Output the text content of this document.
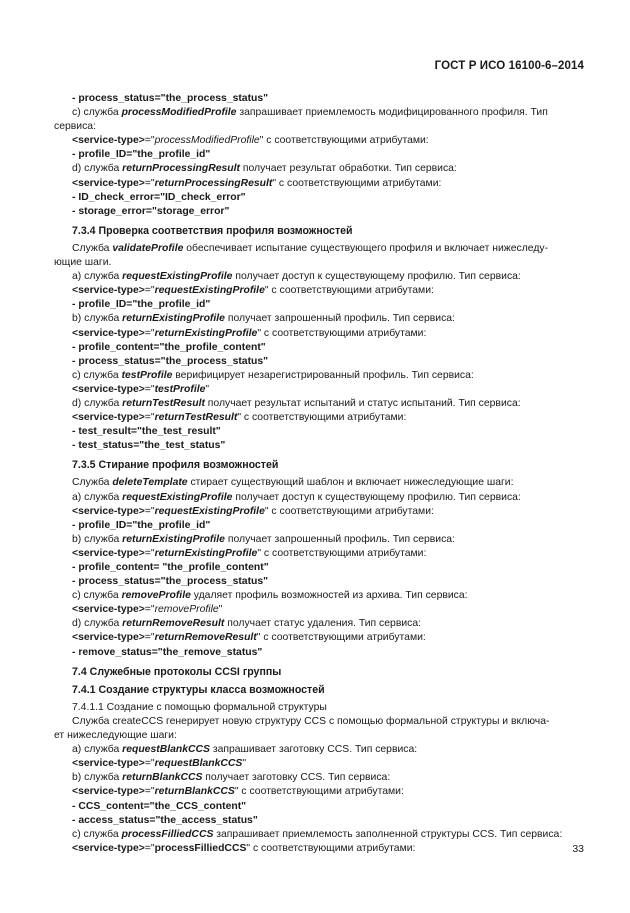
ГОСТ Р ИСО 16100-6–2014
- process_status="the_process_status"
c) служба processModifiedProfile запрашивает приемлемость модифицированного профиля. Тип
сервиса:
<service-type>="processModifiedProfile" с соответствующими атрибутами:
- profile_ID="the_profile_id"
d) служба returnProcessingResult получает результат обработки. Тип сервиса:
<service-type>="returnProcessingResult" с соответствующими атрибутами:
- ID_check_error="ID_check_error"
- storage_error="storage_error"
7.3.4 Проверка соответствия профиля возможностей
Служба validateProfile обеспечивает испытание существующего профиля и включает нижеследу-
ющие шаги.
а) служба requestExistingProfile получает доступ к существующему профилю. Тип сервиса:
<service-type>="requestExistingProfile" с соответствующими атрибутами:
- profile_ID="the_profile_id"
b) служба returnExistingProfile получает запрошенный профиль. Тип сервиса:
<service-type>="returnExistingProfile" с соответствующими атрибутами:
- profile_content="the_profile_content"
- process_status="the_process_status"
c) служба testProfile верифицирует незарегистрированный профиль. Тип сервиса:
<service-type>="testProfile"
d) служба returnTestResult получает результат испытаний и статус испытаний. Тип сервиса:
<service-type>="returnTestResult" с соответствующими атрибутами:
- test_result="the_test_result"
- test_status="the_test_status"
7.3.5 Стирание профиля возможностей
Служба deleteTemplate стирает существующий шаблон и включает нижеследующие шаги:
а) служба requestExistingProfile получает доступ к существующему профилю. Тип сервиса:
<service-type>="requestExistingProfile" с соответствующими атрибутами:
- profile_ID="the_profile_id"
b) служба returnExistingProfile получает запрошенный профиль. Тип сервиса:
<service-type>="returnExistingProfile" с соответствующими атрибутами:
- profile_content= "the_profile_content"
- process_status="the_process_status"
c) служба removeProfile удаляет профиль возможностей из архива. Тип сервиса:
<service-type>="removeProfile"
d) служба returnRemoveResult получает статус удаления. Тип сервиса:
<service-type>="returnRemoveResult" с соответствующими атрибутами:
- remove_status="the_remove_status"
7.4 Служебные протоколы CCSI группы
7.4.1 Создание структуры класса возможностей
7.4.1.1 Создание с помощью формальной структуры
Служба createCCS генерирует новую структуру CCS с помощью формальной структуры и включа-
ет нижеследующие шаги:
а) служба requestBlankCCS запрашивает заготовку CCS. Тип сервиса:
<service-type>="requestBlankCCS"
b) служба returnBlankCCS получает заготовку CCS. Тип сервиса:
<service-type>="returnBlankCCS" с соответствующими атрибутами:
- CCS_content="the_CCS_content"
- access_status="the_access_status"
c) служба processFilliedCCS запрашивает приемлемость заполненной структуры CCS. Тип сервиса:
<service-type>="processFilliedCCS" с соответствующими атрибутами:	33
